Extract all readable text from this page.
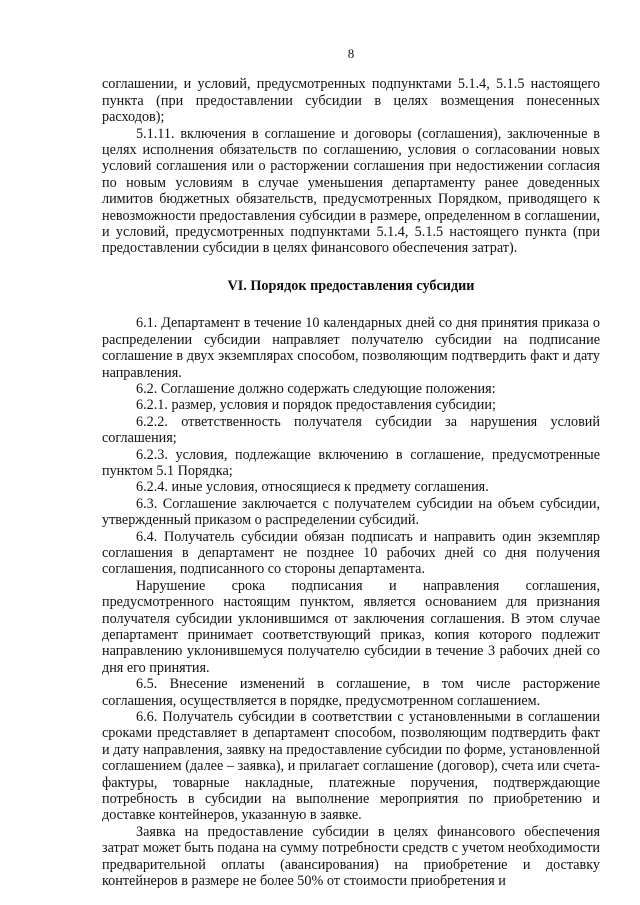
8

соглашении, и условий, предусмотренных подпунктами 5.1.4, 5.1.5 настоящего пункта (при предоставлении субсидии в целях возмещения понесенных расходов);

5.1.11. включения в соглашение и договоры (соглашения), заключенные в целях исполнения обязательств по соглашению, условия о согласовании новых условий соглашения или о расторжении соглашения при недостижении согласия по новым условиям в случае уменьшения департаменту ранее доведенных лимитов бюджетных обязательств, предусмотренных Порядком, приводящего к невозможности предоставления субсидии в размере, определенном в соглашении, и условий, предусмотренных подпунктами 5.1.4, 5.1.5 настоящего пункта (при предоставлении субсидии в целях финансового обеспечения затрат).

VI. Порядок предоставления субсидии

6.1. Департамент в течение 10 календарных дней со дня принятия приказа о распределении субсидии направляет получателю субсидии на подписание соглашение в двух экземплярах способом, позволяющим подтвердить факт и дату направления.

6.2. Соглашение должно содержать следующие положения:

6.2.1. размер, условия и порядок предоставления субсидии;

6.2.2. ответственность получателя субсидии за нарушения условий соглашения;

6.2.3. условия, подлежащие включению в соглашение, предусмотренные пунктом 5.1 Порядка;

6.2.4. иные условия, относящиеся к предмету соглашения.

6.3. Соглашение заключается с получателем субсидии на объем субсидии, утвержденный приказом о распределении субсидий.

6.4. Получатель субсидии обязан подписать и направить один экземпляр соглашения в департамент не позднее 10 рабочих дней со дня получения соглашения, подписанного со стороны департамента.

Нарушение срока подписания и направления соглашения, предусмотренного настоящим пунктом, является основанием для признания получателя субсидии уклонившимся от заключения соглашения. В этом случае департамент принимает соответствующий приказ, копия которого подлежит направлению уклонившемуся получателю субсидии в течение 3 рабочих дней со дня его принятия.

6.5. Внесение изменений в соглашение, в том числе расторжение соглашения, осуществляется в порядке, предусмотренном соглашением.

6.6. Получатель субсидии в соответствии с установленными в соглашении сроками представляет в департамент способом, позволяющим подтвердить факт и дату направления, заявку на предоставление субсидии по форме, установленной соглашением (далее – заявка), и прилагает соглашение (договор), счета или счета-фактуры, товарные накладные, платежные поручения, подтверждающие потребность в субсидии на выполнение мероприятия по приобретению и доставке контейнеров, указанную в заявке.

Заявка на предоставление субсидии в целях финансового обеспечения затрат может быть подана на сумму потребности средств с учетом необходимости предварительной оплаты (авансирования) на приобретение и доставку контейнеров в размере не более 50% от стоимости приобретения и
